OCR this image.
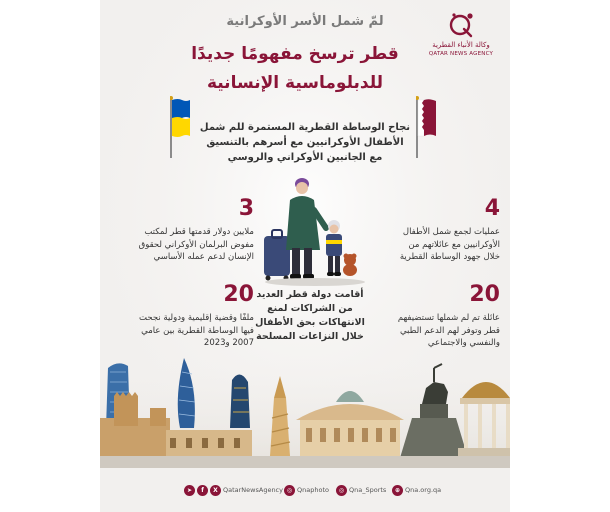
وكالة الأنباء القطرية
QATAR NEWS AGENCY
لمّ شمل الأسر الأوكرانية
قطر ترسخ مفهومًا جديدًا
للدبلوماسية الإنسانية
نجاح الوساطة القطرية المستمرة للم شمل
الأطفال الأوكرانيين مع أسرهم بالتنسيق
مع الجانبين الأوكراني والروسي
4
عمليات لجمع شمل الأطفال
الأوكرانيين مع عائلاتهم من
خلال جهود الوساطة القطرية
3
ملايين دولار قدمتها قطر لمكتب
مفوض البرلمان الأوكراني لحقوق
الإنسان لدعم عمله الأساسي
20
عائلة تم لم شملها تستضيفهم
قطر وتوفر لهم الدعم الطبي
والنفسي والاجتماعي
20
ملفًا وقضية إقليمية ودولية نجحت
فيها الوساطة القطرية بين عامي
2007 و2023
أقامت دولة قطر العديد
من الشراكات لمنع
الانتهاكات بحق الأطفال
خلال النزاعات المسلحة
➤	f	X QatarNewsAgency ◎ Qnaphoto	◎ Qna_Sports	⊕ Qna.org.qa
